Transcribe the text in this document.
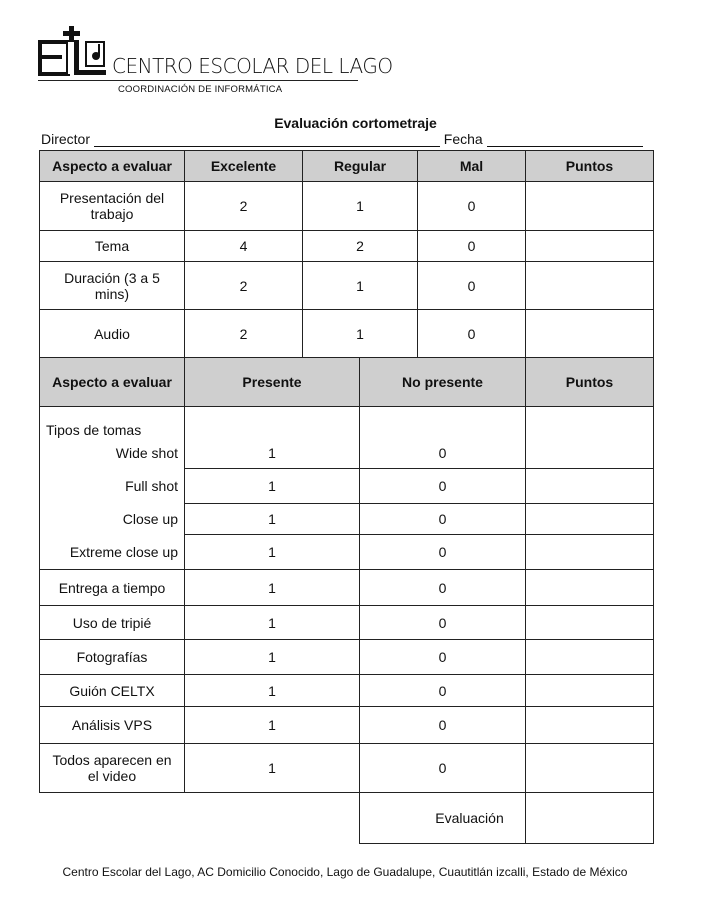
CENTRO ESCOLAR DEL LAGO
COORDINACIÓN DE INFORMÁTICA
Evaluación cortometraje
Director	Fecha
Aspecto a evaluar	Excelente	Regular	Mal	Puntos
Presentación del trabajo	2	1	0	
Tema	4	2	0	
Duración (3 a 5 mins)	2	1	0	
Audio	2	1	0	
Aspecto a evaluar	Presente	No presente	Puntos
Tipos de tomas			
Wide shot	1	0	
Full shot	1	0	
Close up	1	0	
Extreme close up	1	0	
Entrega a tiempo	1	0	
Uso de tripié	1	0	
Fotografías	1	0	
Guión CELTX	1	0	
Análisis VPS	1	0	
Todos aparecen en el video	1	0	
		Evaluación	
Centro Escolar del Lago, AC Domicilio Conocido, Lago de Guadalupe, Cuautitlán izcalli, Estado de México
